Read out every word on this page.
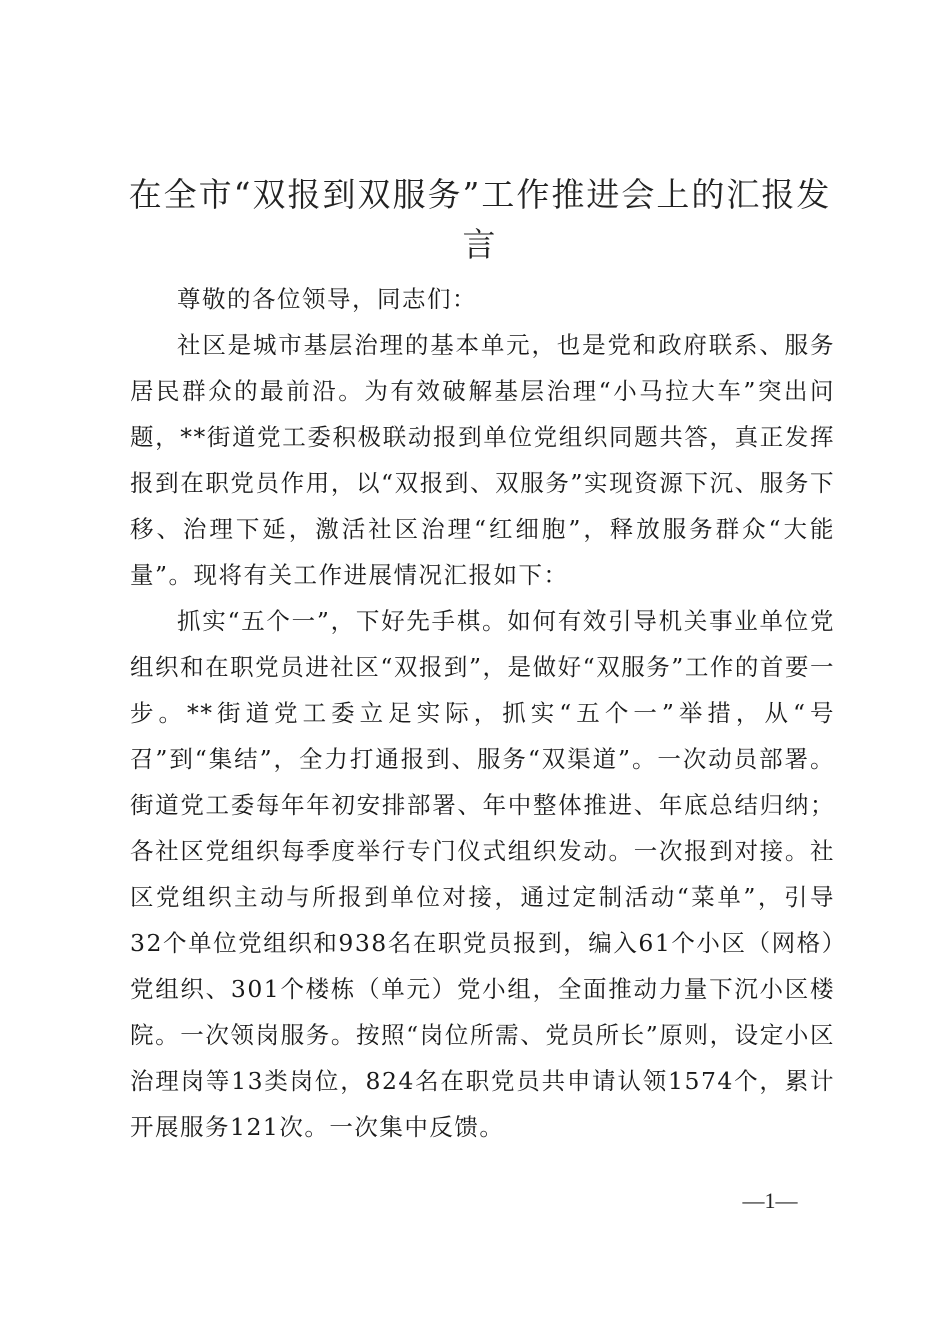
在全市“双报到双服务”工作推进会上的汇报发言

尊敬的各位领导，同志们：

社区是城市基层治理的基本单元，也是党和政府联系、服务居民群众的最前沿。为有效破解基层治理“小马拉大车”突出问题，**街道党工委积极联动报到单位党组织同题共答，真正发挥报到在职党员作用，以“双报到、双服务”实现资源下沉、服务下移、治理下延，激活社区治理“红细胞”，释放服务群众“大能量”。现将有关工作进展情况汇报如下：

抓实“五个一”，下好先手棋。如何有效引导机关事业单位党组织和在职党员进社区“双报到”，是做好“双服务”工作的首要一步。**街道党工委立足实际，抓实“五个一”举措，从“号召”到“集结”，全力打通报到、服务“双渠道”。一次动员部署。街道党工委每年年初安排部署、年中整体推进、年底总结归纳；各社区党组织每季度举行专门仪式组织发动。一次报到对接。社区党组织主动与所报到单位对接，通过定制活动“菜单”，引导32个单位党组织和938名在职党员报到，编入61个小区（网格）党组织、301个楼栋（单元）党小组，全面推动力量下沉小区楼院。一次领岗服务。按照“岗位所需、党员所长”原则，设定小区治理岗等13类岗位，824名在职党员共申请认领1574个，累计开展服务121次。一次集中反馈。

—1—
